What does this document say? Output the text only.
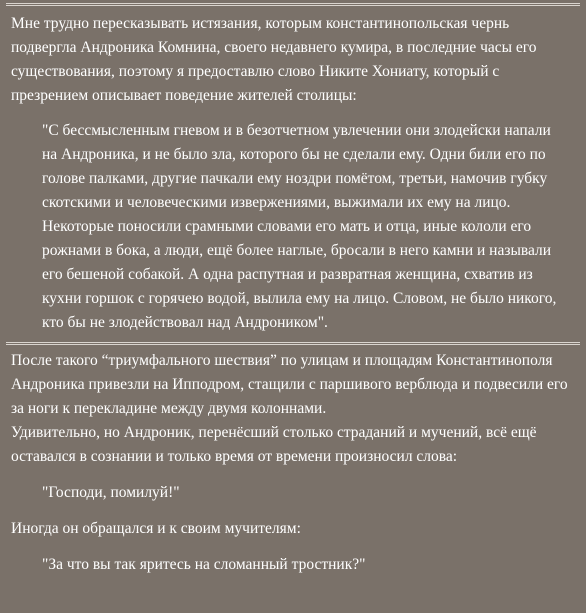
Мне трудно пересказывать истязания, которым константинопольская чернь подвергла Андроника Комнина, своего недавнего кумира, в последние часы его существования, поэтому я предоставлю слово Никите Хониату, который с презрением описывает поведение жителей столицы:

"С бессмысленным гневом и в безотчетном увлечении они злодейски напали на Андроника, и не было зла, которого бы не сделали ему. Одни били его по голове палками, другие пачкали ему ноздри помётом, третьи, намочив губку скотскими и человеческими извержениями, выжимали их ему на лицо. Некоторые поносили срамными словами его мать и отца, иные кололи его рожнами в бока, а люди, ещё более наглые, бросали в него камни и называли его бешеной собакой. А одна распутная и развратная женщина, схватив из кухни горшок с горячею водой, вылила ему на лицо. Словом, не было никого, кто бы не злодейcтвовал над Андроником".

После такого “триумфального шествия” по улицам и площадям Константинополя Андроника привезли на Ипподром, стащили с паршивого верблюда и подвесили его за ноги к перекладине между двумя колоннами.

Удивительно, но Андроник, перенёсший столько страданий и мучений, всё ещё оставался в сознании и только время от времени произносил слова:

"Господи, помилуй!"

Иногда он обращался и к своим мучителям:

"За что вы так яритесь на сломанный тростник?"
